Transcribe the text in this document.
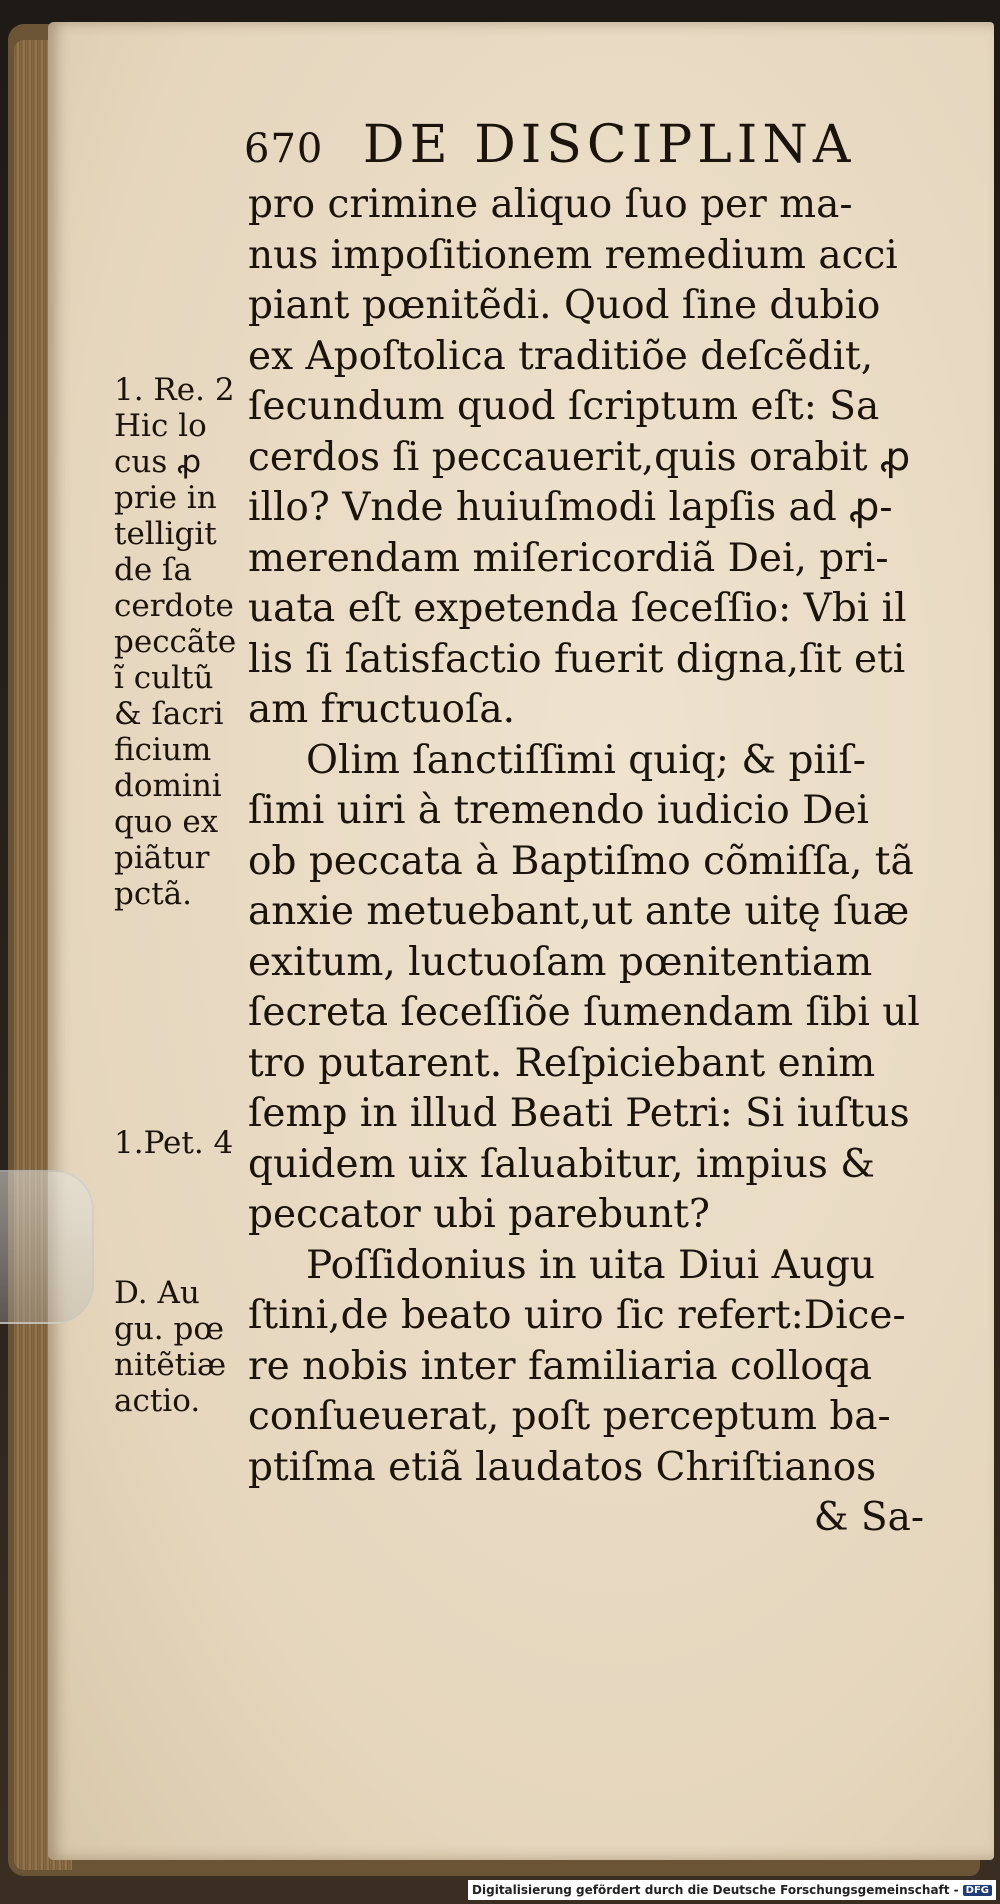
670 DE DISCIPLINA
pro crimine aliquo ſuo per ma-
nus impoſitionem remedium acci
piant pœnitẽdi. Quod ſine dubio
ex Apoſtolica traditiõe deſcẽdit,
ſecundum quod ſcriptum eſt: Sa
cerdos ſi peccauerit,quis orabit ꝓ
illo? Vnde huiuſmodi lapſis ad ꝓ-
merendam miſericordiã Dei, pri-
uata eſt expetenda ſeceſſio: Vbi il
lis ſi ſatisfactio fuerit digna,ſit eti
am fructuoſa.
Olim ſanctiſſimi quiq; & piiſ-
ſimi uiri à tremendo iudicio Dei
ob peccata à Baptiſmo cõmiſſa, tã
anxie metuebant,ut ante uitę ſuæ
exitum, luctuoſam pœnitentiam
ſecreta ſeceſſiõe ſumendam ſibi ul
tro putarent. Reſpiciebant enim
ſemp in illud Beati Petri: Si iuſtus
quidem uix ſaluabitur, impius &
peccator ubi parebunt?
Poſſidonius in uita Diui Augu
ſtini,de beato uiro ſic refert:Dice-
re nobis inter familiaria colloqa
conſueuerat, poſt perceptum ba-
ptiſma etiã laudatos Chriſtianos
& Sa-
1. Re. 2
Hic lo
cus ꝓ
prie in
telligit
de ſa
cerdote
peccãte
ĩ cultũ
& ſacri
ficium
domini
quo ex
piãtur
pctã.
1.Pet. 4
D. Au
gu. pœ
nitẽtiæ
actio.
Digitalisierung gefördert durch die Deutsche Forschungsgemeinschaft - DFG
